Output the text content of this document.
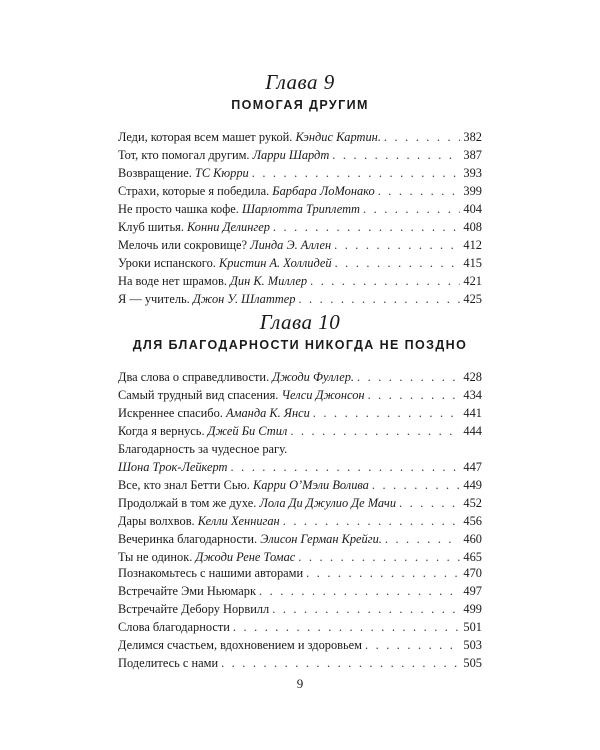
Глава 9
ПОМОГАЯ ДРУГИМ
Леди, которая всем машет рукой. Кэндис Картин. . . .	382
Тот, кто помогал другим. Ларри Шардт . . .	387
Возвращение. ТС Кюрри . . .	393
Страхи, которые я победила. Барбара ЛоМонако . . .	399
Не просто чашка кофе. Шарлотта Триплетт . . .	404
Клуб шитья. Конни Делингер . . .	408
Мелочь или сокровище? Линда Э. Аллен . . .	412
Уроки испанского. Кристин А. Холлидей . . .	415
На воде нет шрамов. Дин К. Миллер . . .	421
Я — учитель. Джон У. Шлаттер . . .	425
Глава 10
ДЛЯ БЛАГОДАРНОСТИ НИКОГДА НЕ ПОЗДНО
Два слова о справедливости. Джоди Фуллер. . . .	428
Самый трудный вид спасения. Челси Джонсон . . .	434
Искреннее спасибо. Аманда К. Янси . . .	441
Когда я вернусь. Джей Би Стил . . .	444
Благодарность за чудесное рагу.
Шона Трок-Лейкерт . . .	447
Все, кто знал Бетти Сью. Карри О’Мэли Волива . . .	449
Продолжай в том же духе. Лола Ди Джулио Де Мачи . . .	452
Дары волхвов. Келли Хеннигaн . . .	456
Вечеринка благодарности. Элисон Герман Крейги. . . .	460
Ты не одинок. Джоди Рене Томас . . .	465
Познакомьтесь с нашими авторами . . .	470
Встречайте Эми Ньюмарк . . .	497
Встречайте Дебору Норвилл . . .	499
Слова благодарности . . .	501
Делимся счастьем, вдохновением и здоровьем . . .	503
Поделитесь с нами . . .	505
9
